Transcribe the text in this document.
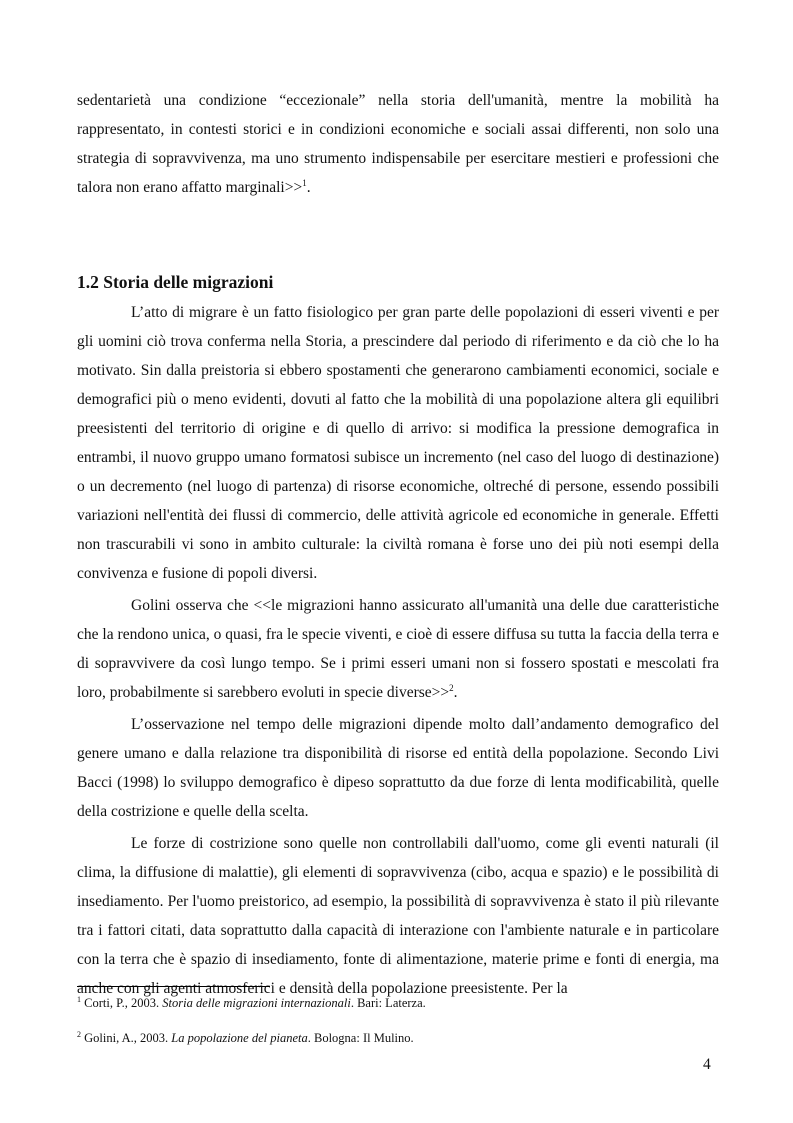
sedentarietà una condizione “eccezionale” nella storia dell'umanità, mentre la mobilità ha rappresentato, in contesti storici e in condizioni economiche e sociali assai differenti, non solo una strategia di sopravvivenza, ma uno strumento indispensabile per esercitare mestieri e professioni che talora non erano affatto marginali>>$^1$.

1.2 Storia delle migrazioni

L’atto di migrare è un fatto fisiologico per gran parte delle popolazioni di esseri viventi e per gli uomini ciò trova conferma nella Storia, a prescindere dal periodo di riferimento e da ciò che lo ha motivato. Sin dalla preistoria si ebbero spostamenti che generarono cambiamenti economici, sociale e demografici più o meno evidenti, dovuti al fatto che la mobilità di una popolazione altera gli equilibri preesistenti del territorio di origine e di quello di arrivo: si modifica la pressione demografica in entrambi, il nuovo gruppo umano formatosi subisce un incremento (nel caso del luogo di destinazione) o un decremento (nel luogo di partenza) di risorse economiche, oltreché di persone, essendo possibili variazioni nell'entità dei flussi di commercio, delle attività agricole ed economiche in generale. Effetti non trascurabili vi sono in ambito culturale: la civiltà romana è forse uno dei più noti esempi della convivenza e fusione di popoli diversi.

Golini osserva che <<le migrazioni hanno assicurato all'umanità una delle due caratteristiche che la rendono unica, o quasi, fra le specie viventi, e cioè di essere diffusa su tutta la faccia della terra e di sopravvivere da così lungo tempo. Se i primi esseri umani non si fossero spostati e mescolati fra loro, probabilmente si sarebbero evoluti in specie diverse>>$^2$.

L’osservazione nel tempo delle migrazioni dipende molto dall’andamento demografico del genere umano e dalla relazione tra disponibilità di risorse ed entità della popolazione. Secondo Livi Bacci (1998) lo sviluppo demografico è dipeso soprattutto da due forze di lenta modificabilità, quelle della costrizione e quelle della scelta.

Le forze di costrizione sono quelle non controllabili dall'uomo, come gli eventi naturali (il clima, la diffusione di malattie), gli elementi di sopravvivenza (cibo, acqua e spazio) e le possibilità di insediamento. Per l'uomo preistorico, ad esempio, la possibilità di sopravvivenza è stato il più rilevante tra i fattori citati, data soprattutto dalla capacità di interazione con l'ambiente naturale e in particolare con la terra che è spazio di insediamento, fonte di alimentazione, materie prime e fonti di energia, ma anche con gli agenti atmosferici e densità della popolazione preesistente. Per la

$^1$ Corti, P., 2003. Storia delle migrazioni internazionali. Bari: Laterza.
$^2$ Golini, A., 2003. La popolazione del pianeta. Bologna: Il Mulino.
4
